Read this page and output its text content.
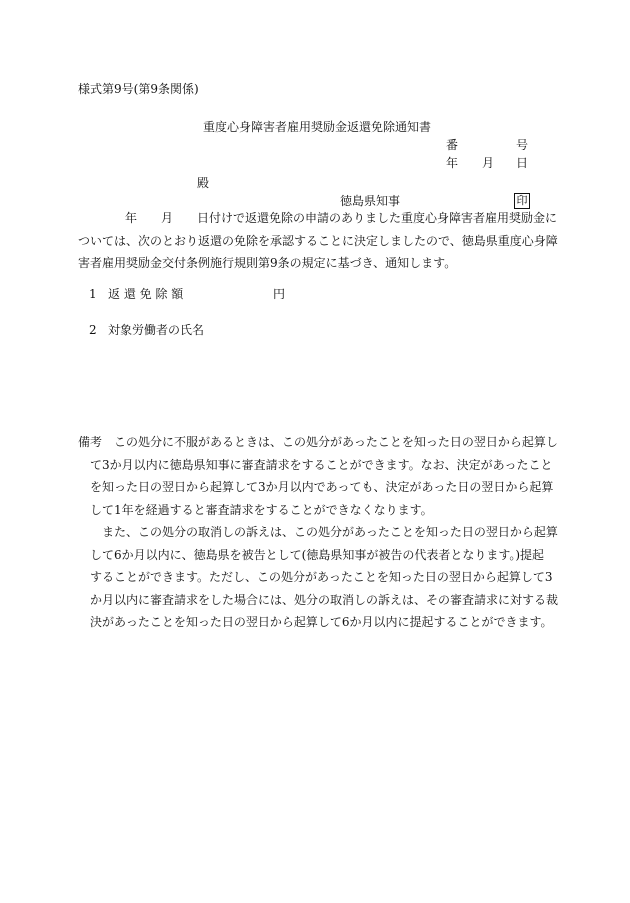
様式第9号(第9条関係)
重度心身障害者雇用奨励金返還免除通知書
番	号
年 月 日
殿
徳島県知事	印
年　　月　　日付けで返還免除の申請のありました重度心身障害者雇用奨励金に
ついては、次のとおり返還の免除を承認することに決定しましたので、徳島県重度心身障
害者雇用奨励金交付条例施行規則第9条の規定に基づき、通知します。
1 返 還 免 除 額	円
2 対象労働者の氏名
備考　この処分に不服があるときは、この処分があったことを知った日の翌日から起算し
て3か月以内に徳島県知事に審査請求をすることができます。なお、決定があったこと
を知った日の翌日から起算して3か月以内であっても、決定があった日の翌日から起算
して1年を経過すると審査請求をすることができなくなります。
また、この処分の取消しの訴えは、この処分があったことを知った日の翌日から起算
して6か月以内に、徳島県を被告として(徳島県知事が被告の代表者となります。)提起
することができます。ただし、この処分があったことを知った日の翌日から起算して3
か月以内に審査請求をした場合には、処分の取消しの訴えは、その審査請求に対する裁
決があったことを知った日の翌日から起算して6か月以内に提起することができます。
